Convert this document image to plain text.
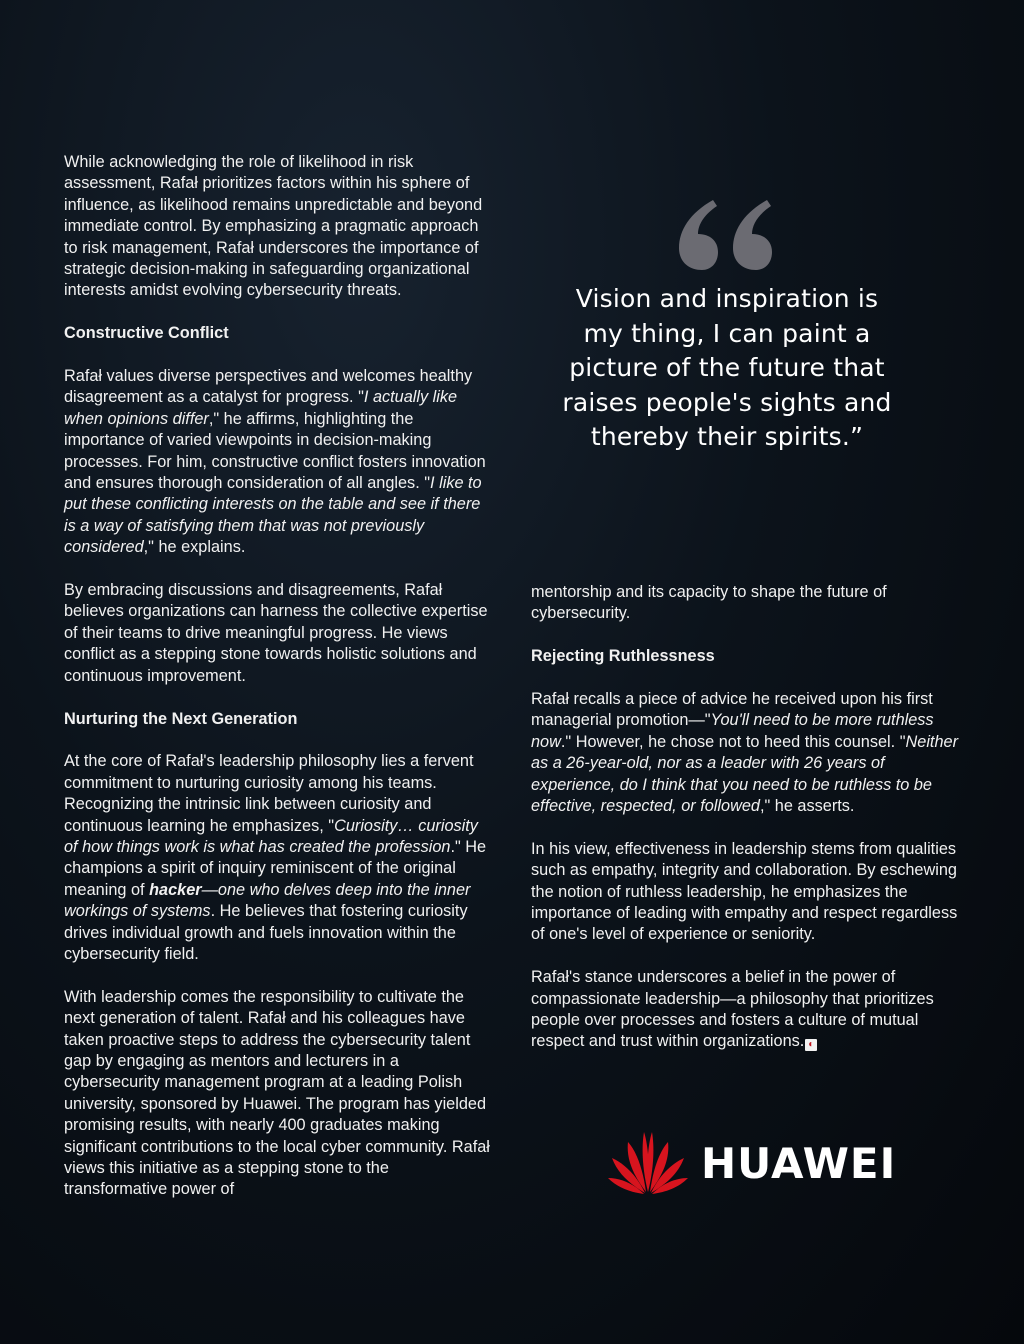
While acknowledging the role of likelihood in risk assessment, Rafał prioritizes factors within his sphere of influence, as likelihood remains unpredictable and beyond immediate control. By emphasizing a pragmatic approach to risk management, Rafał underscores the importance of strategic decision-making in safeguarding organizational interests amidst evolving cybersecurity threats.

Constructive Conflict

Rafał values diverse perspectives and welcomes healthy disagreement as a catalyst for progress. "I actually like when opinions differ," he affirms, highlighting the importance of varied viewpoints in decision-making processes. For him, constructive conflict fosters innovation and ensures thorough consideration of all angles. "I like to put these conflicting interests on the table and see if there is a way of satisfying them that was not previously considered," he explains.

By embracing discussions and disagreements, Rafał believes organizations can harness the collective expertise of their teams to drive meaningful progress. He views conflict as a stepping stone towards holistic solutions and continuous improvement.

Nurturing the Next Generation

At the core of Rafał's leadership philosophy lies a fervent commitment to nurturing curiosity among his teams. Recognizing the intrinsic link between curiosity and continuous learning he emphasizes, "Curiosity… curiosity of how things work is what has created the profession." He champions a spirit of inquiry reminiscent of the original meaning of hacker—one who delves deep into the inner workings of systems. He believes that fostering curiosity drives individual growth and fuels innovation within the cybersecurity field.

With leadership comes the responsibility to cultivate the next generation of talent. Rafał and his colleagues have taken proactive steps to address the cybersecurity talent gap by engaging as mentors and lecturers in a cybersecurity management program at a leading Polish university, sponsored by Huawei. The program has yielded promising results, with nearly 400 graduates making significant contributions to the local cyber community. Rafał views this initiative as a stepping stone to the transformative power of

Vision and inspiration is my thing, I can paint a picture of the future that raises people's sights and thereby their spirits.”

mentorship and its capacity to shape the future of cybersecurity.

Rejecting Ruthlessness

Rafał recalls a piece of advice he received upon his first managerial promotion—"You'll need to be more ruthless now." However, he chose not to heed this counsel. "Neither as a 26-year-old, nor as a leader with 26 years of experience, do I think that you need to be ruthless to be effective, respected, or followed," he asserts.

In his view, effectiveness in leadership stems from qualities such as empathy, integrity and collaboration. By eschewing the notion of ruthless leadership, he emphasizes the importance of leading with empathy and respect regardless of one's level of experience or seniority.

Rafał's stance underscores a belief in the power of compassionate leadership—a philosophy that prioritizes people over processes and fosters a culture of mutual respect and trust within organizations. ◐

HUAWEI
